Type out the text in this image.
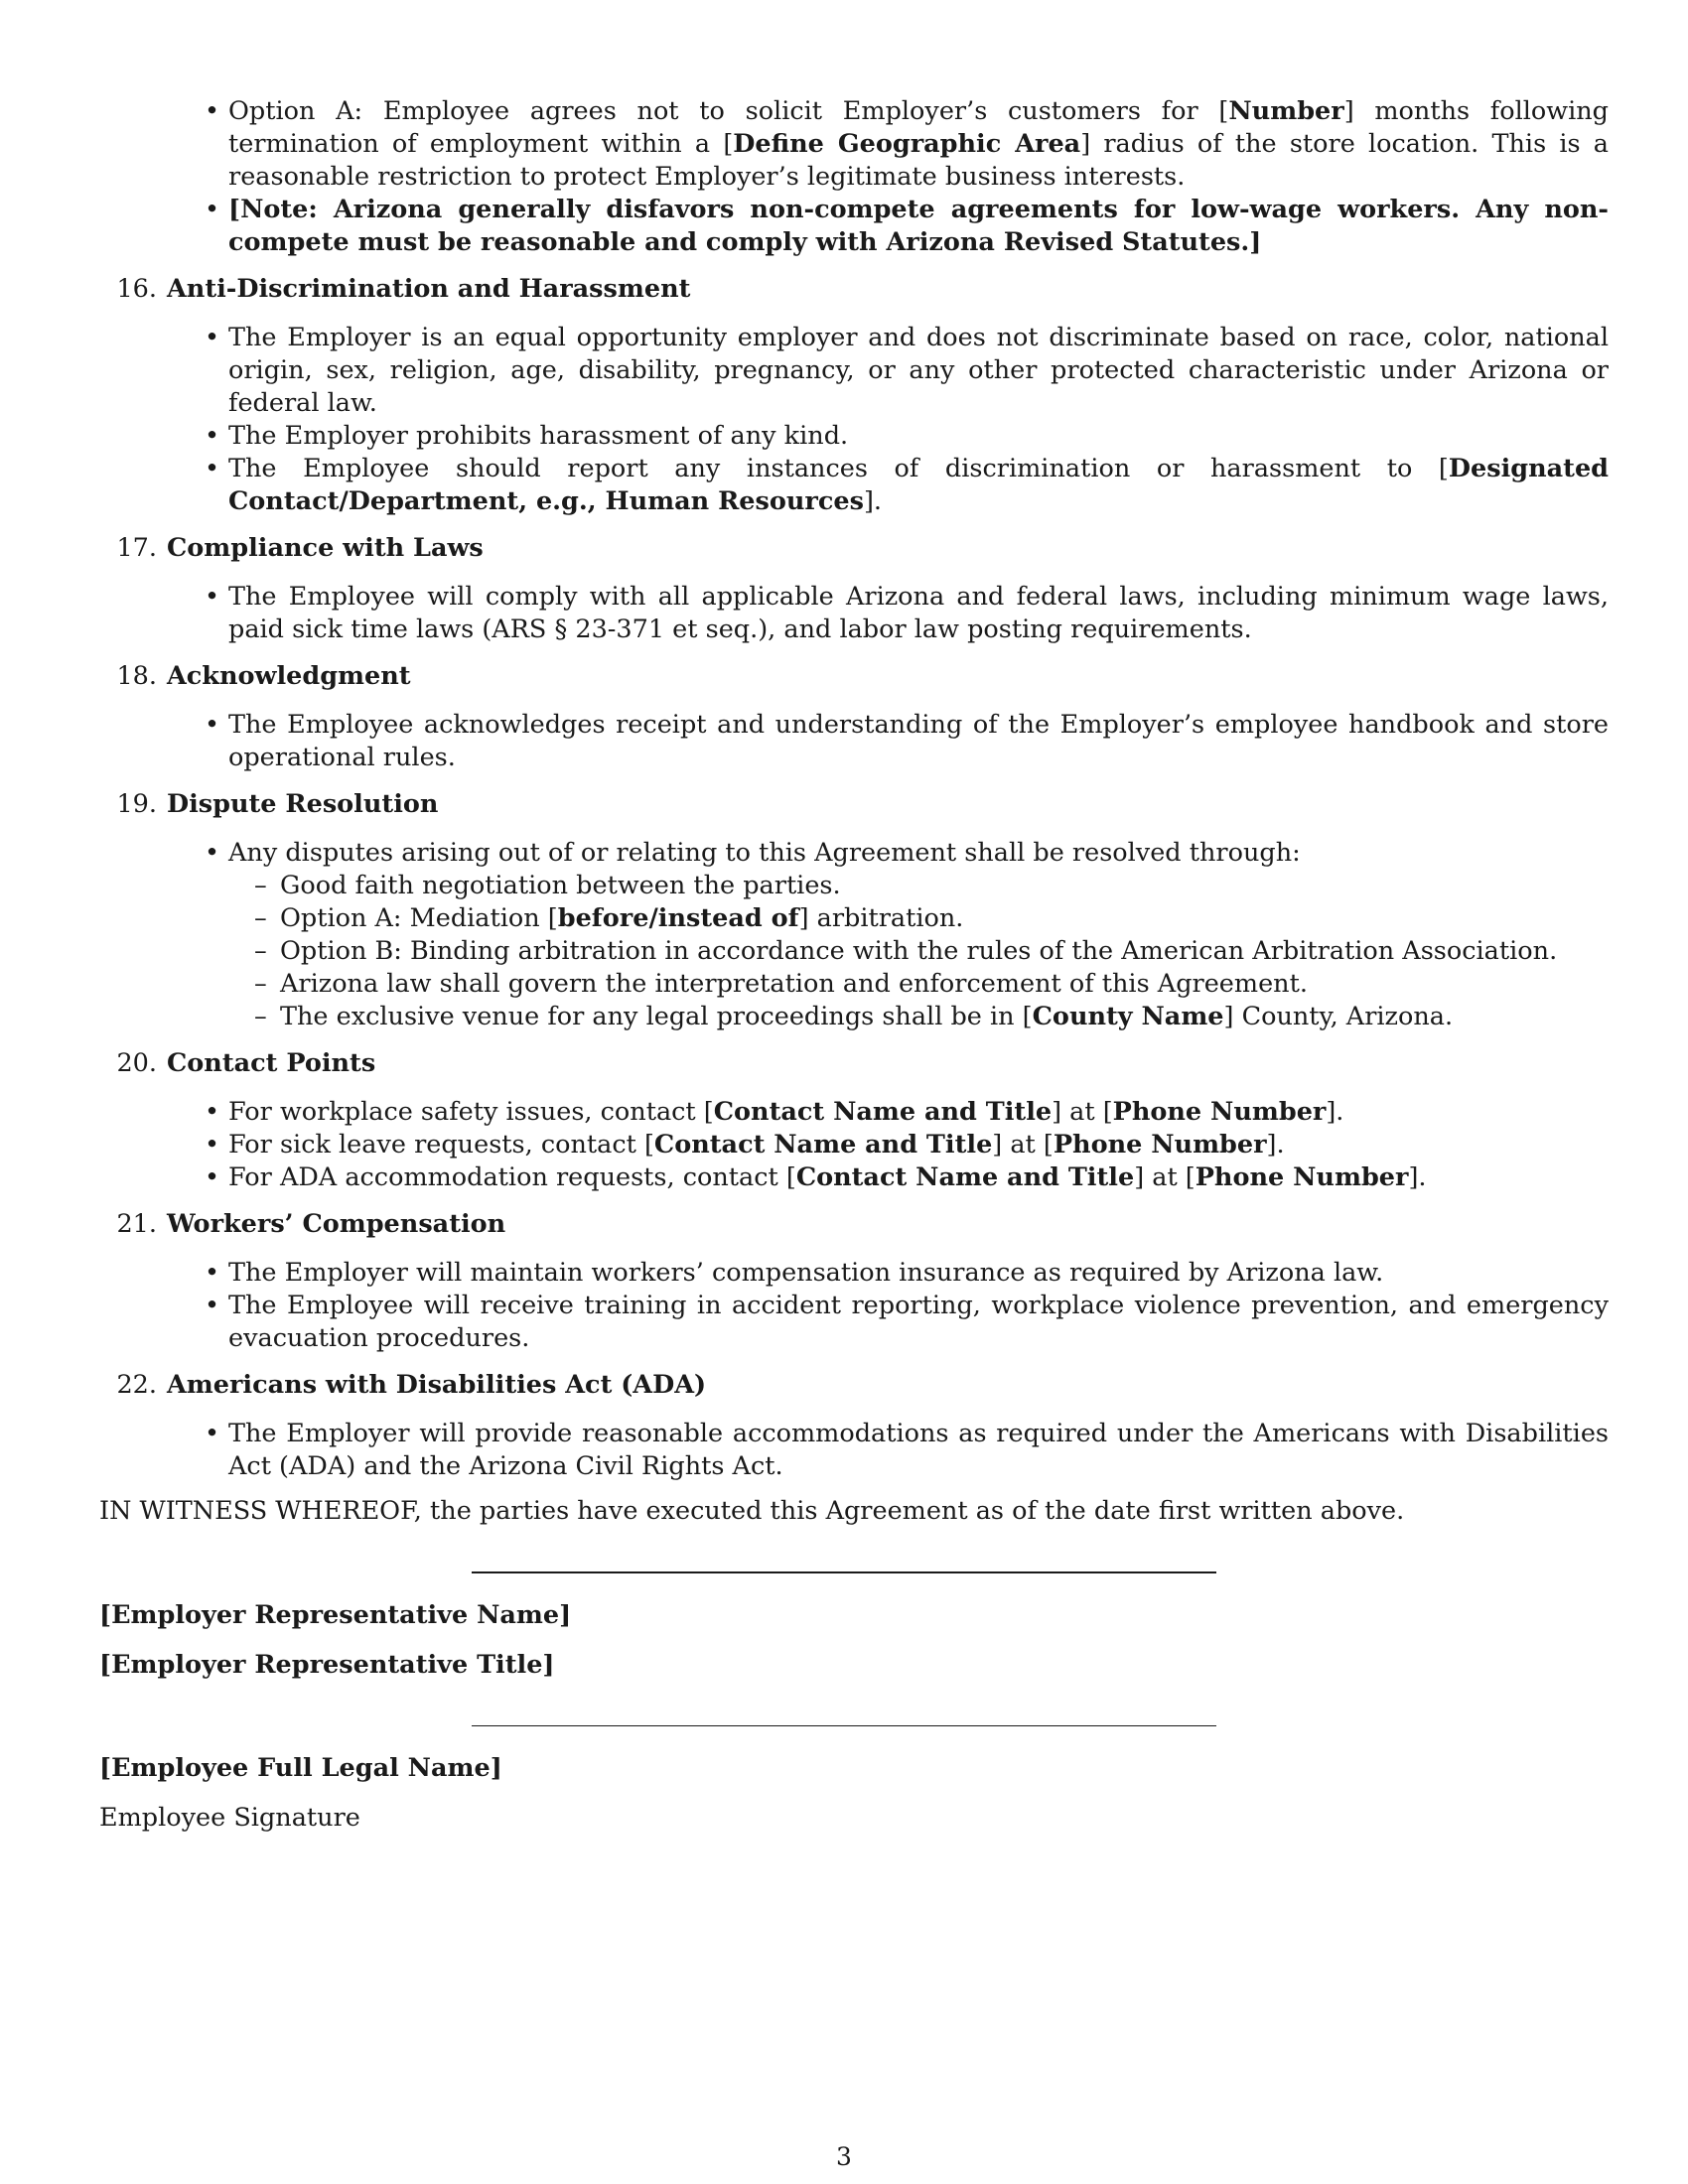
• Option A: Employee agrees not to solicit Employer’s customers for [Number] months following termination of employment within a [Define Geographic Area] radius of the store location. This is a reasonable restriction to protect Employer’s legitimate business interests.
• [Note: Arizona generally disfavors non-compete agreements for low-wage workers. Any non-compete must be reasonable and comply with Arizona Revised Statutes.]
16. Anti-Discrimination and Harassment
• The Employer is an equal opportunity employer and does not discriminate based on race, color, national origin, sex, religion, age, disability, pregnancy, or any other protected characteristic under Arizona or federal law.
• The Employer prohibits harassment of any kind.
• The Employee should report any instances of discrimination or harassment to [Designated Contact/Department, e.g., Human Resources].
17. Compliance with Laws
• The Employee will comply with all applicable Arizona and federal laws, including minimum wage laws, paid sick time laws (ARS § 23-371 et seq.), and labor law posting requirements.
18. Acknowledgment
• The Employee acknowledges receipt and understanding of the Employer’s employee handbook and store operational rules.
19. Dispute Resolution
• Any disputes arising out of or relating to this Agreement shall be resolved through:
– Good faith negotiation between the parties.
– Option A: Mediation [before/instead of] arbitration.
– Option B: Binding arbitration in accordance with the rules of the American Arbitration Association.
– Arizona law shall govern the interpretation and enforcement of this Agreement.
– The exclusive venue for any legal proceedings shall be in [County Name] County, Arizona.
20. Contact Points
• For workplace safety issues, contact [Contact Name and Title] at [Phone Number].
• For sick leave requests, contact [Contact Name and Title] at [Phone Number].
• For ADA accommodation requests, contact [Contact Name and Title] at [Phone Number].
21. Workers’ Compensation
• The Employer will maintain workers’ compensation insurance as required by Arizona law.
• The Employee will receive training in accident reporting, workplace violence prevention, and emergency evacuation procedures.
22. Americans with Disabilities Act (ADA)
• The Employer will provide reasonable accommodations as required under the Americans with Disabilities Act (ADA) and the Arizona Civil Rights Act.
IN WITNESS WHEREOF, the parties have executed this Agreement as of the date first written above.
[Employer Representative Name]
[Employer Representative Title]
[Employee Full Legal Name]
Employee Signature
3
